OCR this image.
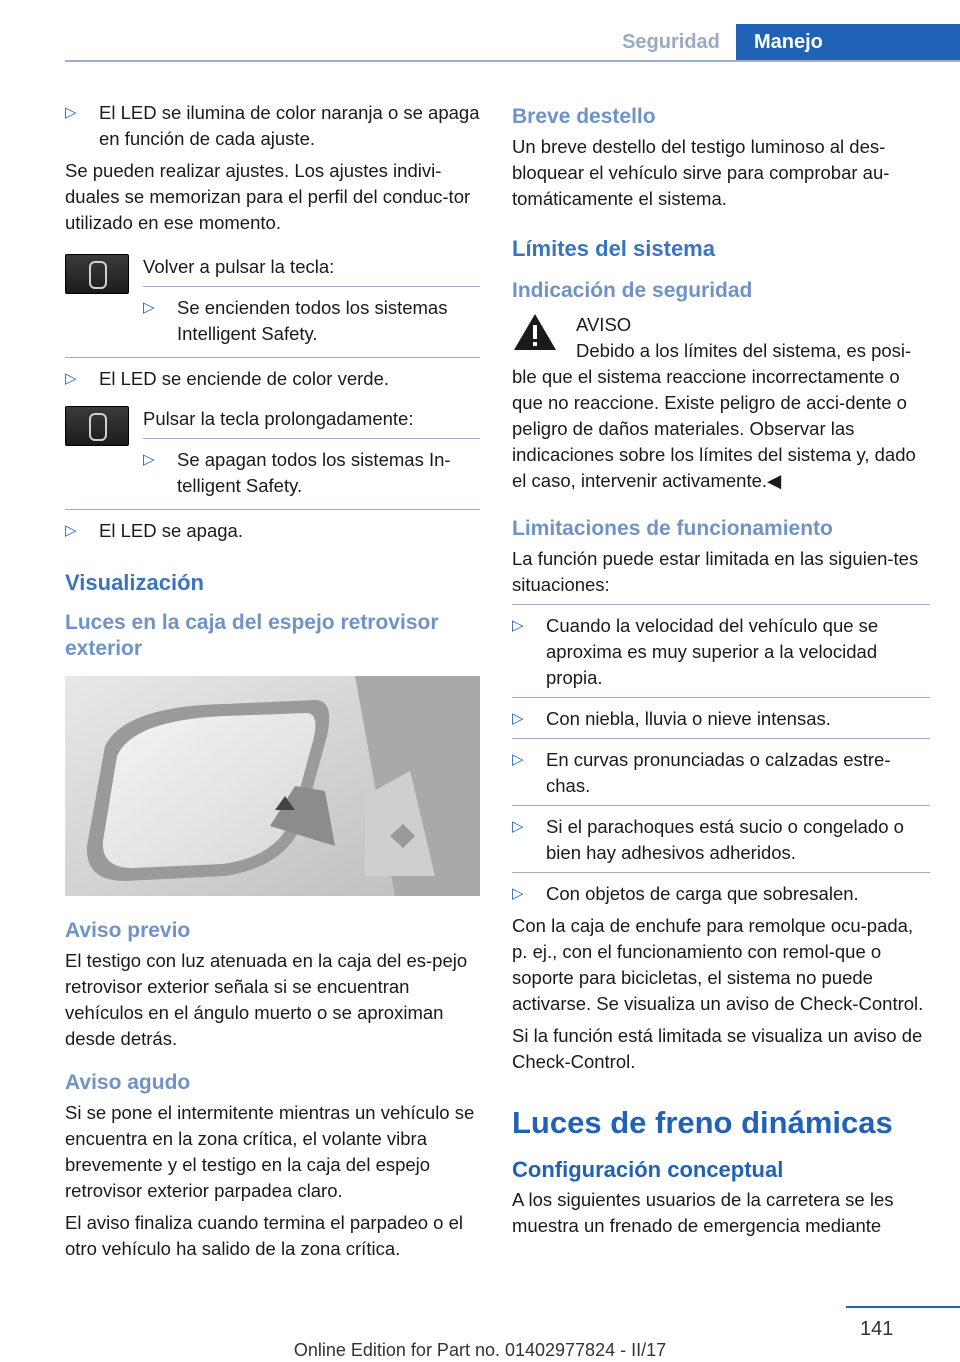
Seguridad	Manejo
▷	El LED se ilumina de color naranja o se apaga en función de cada ajuste.

Se pueden realizar ajustes. Los ajustes indivi-duales se memorizan para el perfil del conduc-tor utilizado en ese momento.

Volver a pulsar la tecla:

▷	Se encienden todos los sistemas Intelligent Safety.
▷	El LED se enciende de color verde.

Pulsar la tecla prolongadamente:

▷	Se apagan todos los sistemas In-telligent Safety.
▷	El LED se apaga.
Visualización
Luces en la caja del espejo retrovisor exterior
Aviso previo

El testigo con luz atenuada en la caja del es-pejo retrovisor exterior señala si se encuentran vehículos en el ángulo muerto o se aproximan desde detrás.

Aviso agudo

Si se pone el intermitente mientras un vehículo se encuentra en la zona crítica, el volante vibra brevemente y el testigo en la caja del espejo retrovisor exterior parpadea claro.

El aviso finaliza cuando termina el parpadeo o el otro vehículo ha salido de la zona crítica.

Breve destello

Un breve destello del testigo luminoso al des-bloquear el vehículo sirve para comprobar au-tomáticamente el sistema.

Límites del sistema
Indicación de seguridad
AVISO
Debido a los límites del sistema, es posi-

ble que el sistema reaccione incorrectamente o que no reaccione. Existe peligro de acci-dente o peligro de daños materiales. Observar las indicaciones sobre los límites del sistema y, dado el caso, intervenir activamente.◀

Limitaciones de funcionamiento

La función puede estar limitada en las siguien-tes situaciones:

▷	Cuando la velocidad del vehículo que se aproxima es muy superior a la velocidad propia.
▷	Con niebla, lluvia o nieve intensas.
▷	En curvas pronunciadas o calzadas estre-chas.
▷	Si el parachoques está sucio o congelado o bien hay adhesivos adheridos.
▷	Con objetos de carga que sobresalen.

Con la caja de enchufe para remolque ocu-pada, p. ej., con el funcionamiento con remol-que o soporte para bicicletas, el sistema no puede activarse. Se visualiza un aviso de Check-Control.

Si la función está limitada se visualiza un aviso de Check-Control.

Luces de freno dinámicas
Configuración conceptual

A los siguientes usuarios de la carretera se les muestra un frenado de emergencia mediante

141
Online Edition for Part no. 01402977824 - II/17
